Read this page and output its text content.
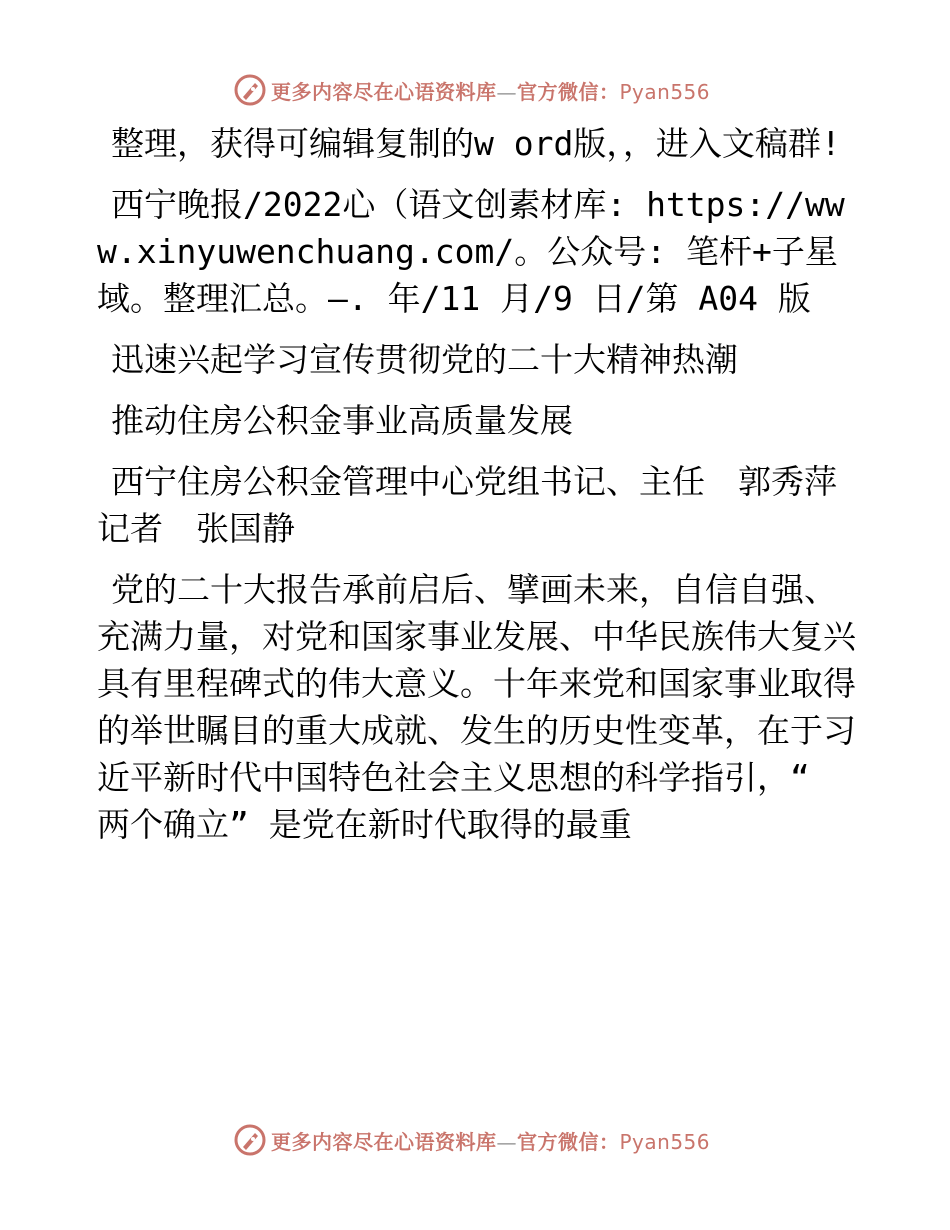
更多内容尽在心语资料库—官方微信：Pyan556

整理，获得可编辑复制的w ord版，，进入文稿群!

西宁晚报/2022心（语文创素材库: https://www.xinyuwenchuang.com/。公众号: 笔杆+子星域。整理汇总。—. 年/11 月/9 日/第 A04 版

迅速兴起学习宣传贯彻党的二十大精神热潮

推动住房公积金事业高质量发展

西宁住房公积金管理中心党组书记、主任　郭秀萍　记者　张国静

党的二十大报告承前启后、擘画未来，自信自强、充满力量，对党和国家事业发展、中华民族伟大复兴具有里程碑式的伟大意义。十年来党和国家事业取得的举世瞩目的重大成就、发生的历史性变革，在于习近平新时代中国特色社会主义思想的科学指引，“ 两个确立” 是党在新时代取得的最重

更多内容尽在心语资料库—官方微信：Pyan556
